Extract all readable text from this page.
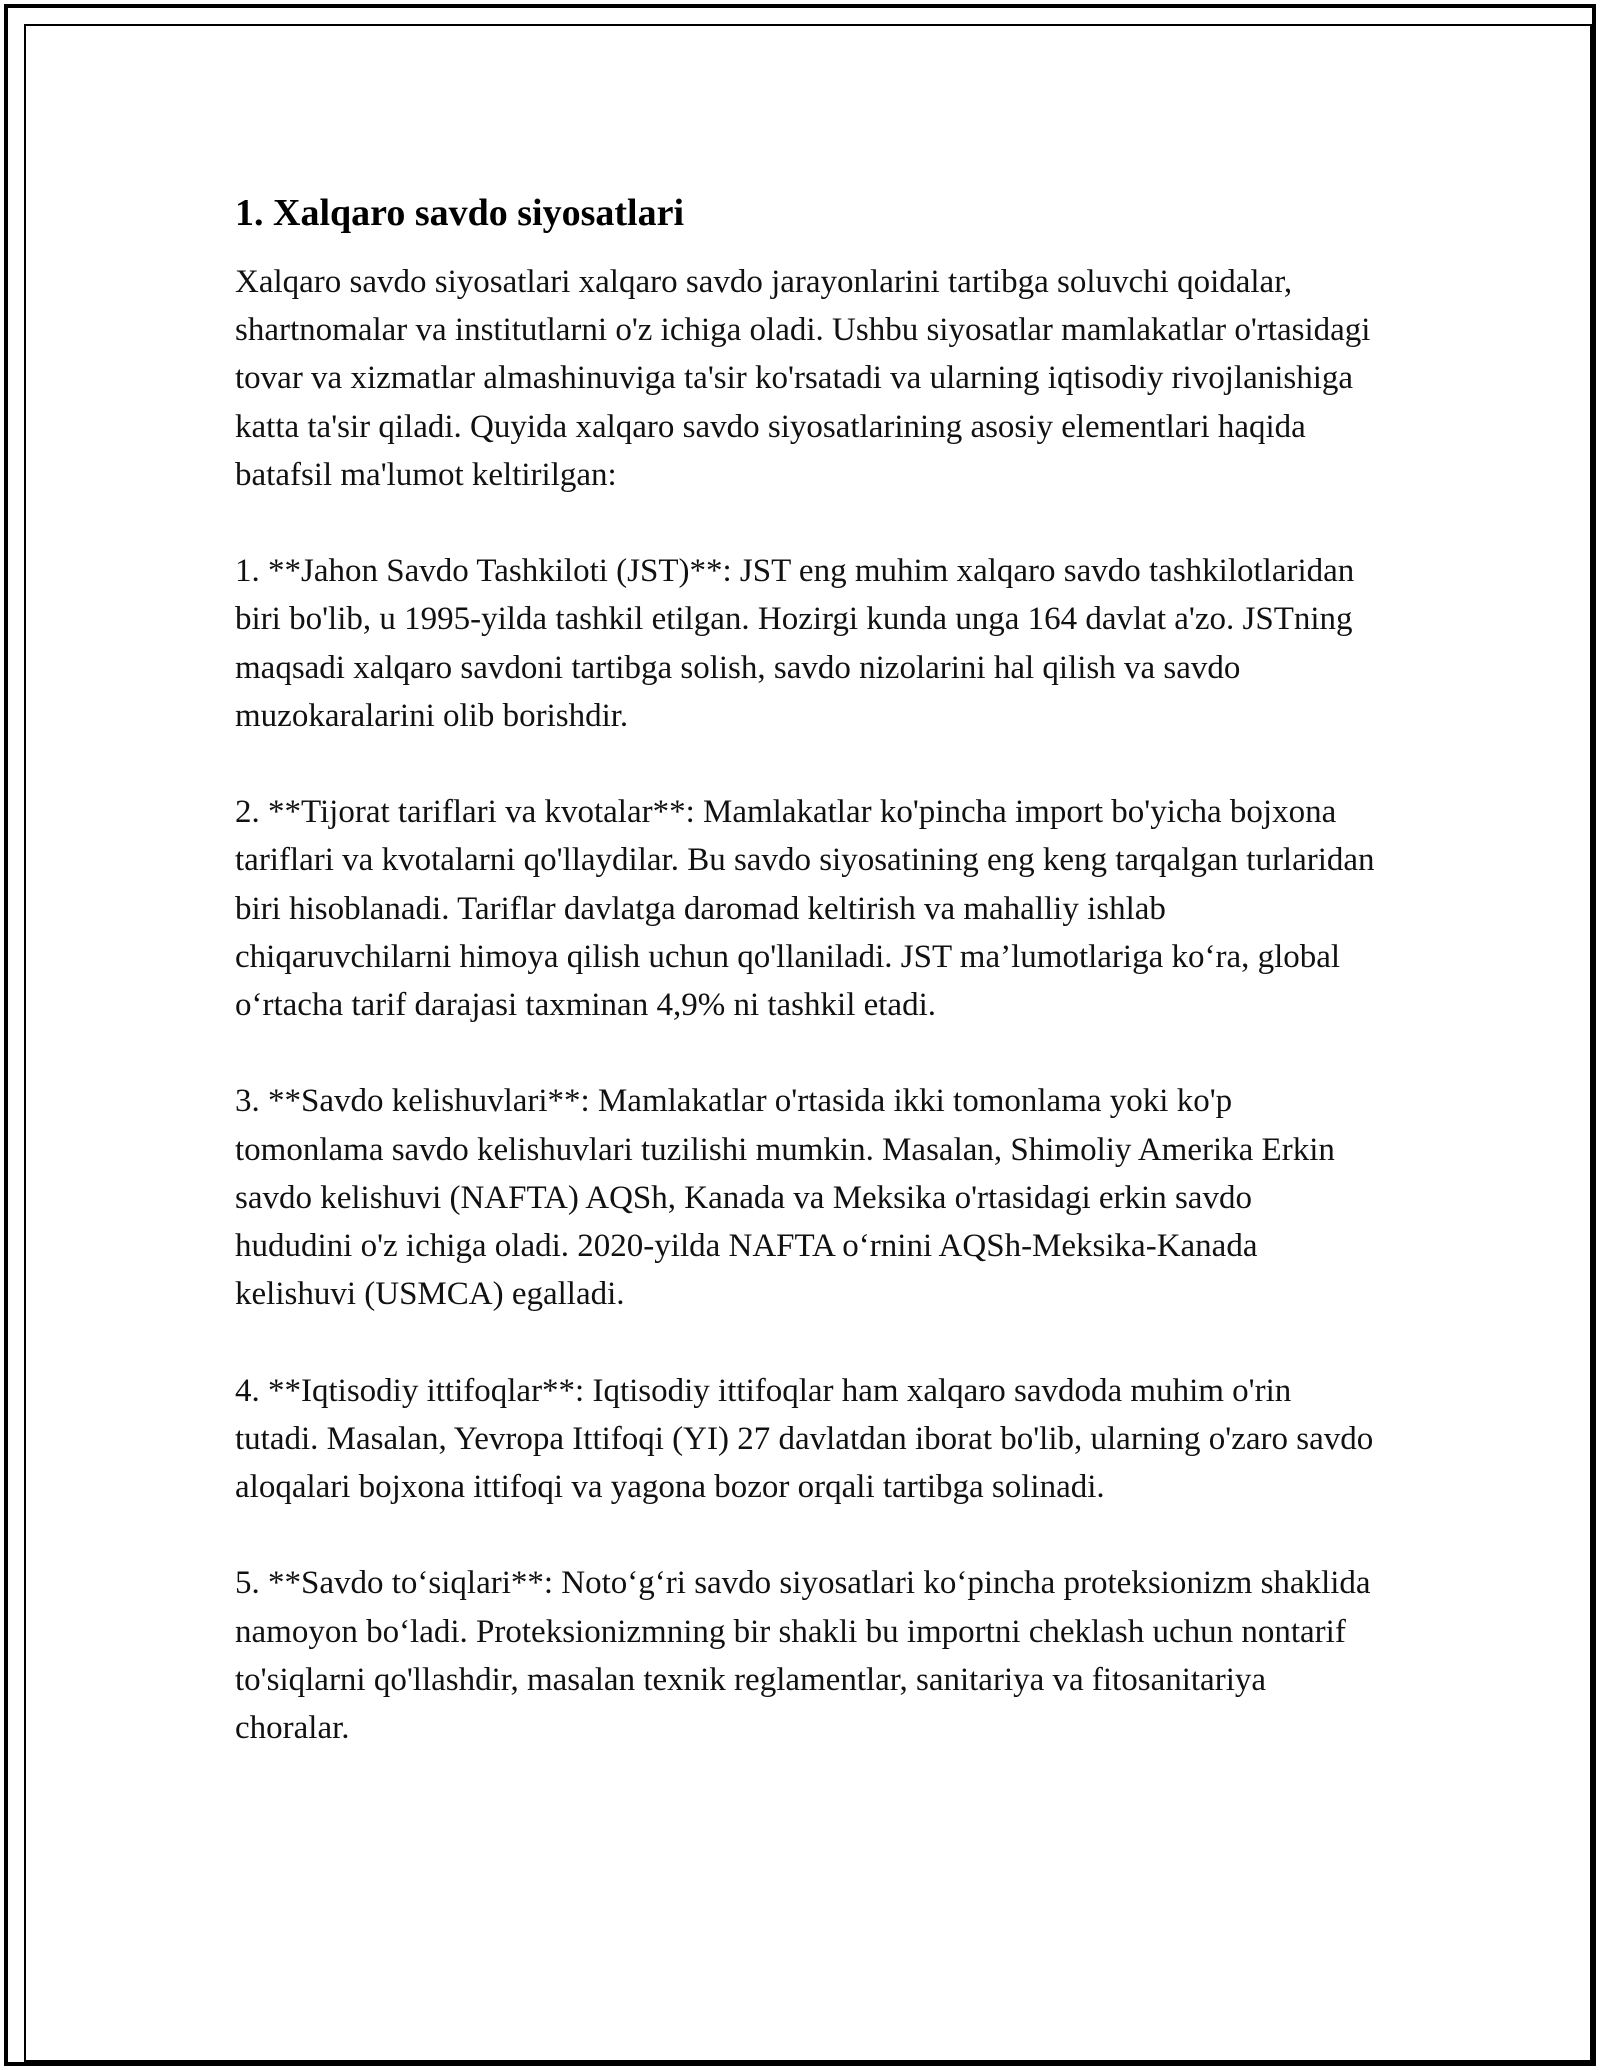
1. Xalqaro savdo siyosatlari

Xalqaro savdo siyosatlari xalqaro savdo jarayonlarini tartibga soluvchi qoidalar, shartnomalar va institutlarni o'z ichiga oladi. Ushbu siyosatlar mamlakatlar o'rtasidagi tovar va xizmatlar almashinuviga ta'sir ko'rsatadi va ularning iqtisodiy rivojlanishiga katta ta'sir qiladi. Quyida xalqaro savdo siyosatlarining asosiy elementlari haqida batafsil ma'lumot keltirilgan:

1. **Jahon Savdo Tashkiloti (JST)**: JST eng muhim xalqaro savdo tashkilotlaridan biri bo'lib, u 1995-yilda tashkil etilgan. Hozirgi kunda unga 164 davlat a'zo. JSTning maqsadi xalqaro savdoni tartibga solish, savdo nizolarini hal qilish va savdo muzokaralarini olib borishdir.

2. **Tijorat tariflari va kvotalar**: Mamlakatlar ko'pincha import bo'yicha bojxona tariflari va kvotalarni qo'llaydilar. Bu savdo siyosatining eng keng tarqalgan turlaridan biri hisoblanadi. Tariflar davlatga daromad keltirish va mahalliy ishlab chiqaruvchilarni himoya qilish uchun qo'llaniladi. JST ma’lumotlariga ko‘ra, global o‘rtacha tarif darajasi taxminan 4,9% ni tashkil etadi.

3. **Savdo kelishuvlari**: Mamlakatlar o'rtasida ikki tomonlama yoki ko'p tomonlama savdo kelishuvlari tuzilishi mumkin. Masalan, Shimoliy Amerika Erkin savdo kelishuvi (NAFTA) AQSh, Kanada va Meksika o'rtasidagi erkin savdo hududini o'z ichiga oladi. 2020-yilda NAFTA o‘rnini AQSh-Meksika-Kanada kelishuvi (USMCA) egalladi.

4. **Iqtisodiy ittifoqlar**: Iqtisodiy ittifoqlar ham xalqaro savdoda muhim o'rin tutadi. Masalan, Yevropa Ittifoqi (YI) 27 davlatdan iborat bo'lib, ularning o'zaro savdo aloqalari bojxona ittifoqi va yagona bozor orqali tartibga solinadi.

5. **Savdo to‘siqlari**: Noto‘g‘ri savdo siyosatlari ko‘pincha proteksionizm shaklida namoyon bo‘ladi. Proteksionizmning bir shakli bu importni cheklash uchun nontarif to'siqlarni qo'llashdir, masalan texnik reglamentlar, sanitariya va fitosanitariya choralar.
